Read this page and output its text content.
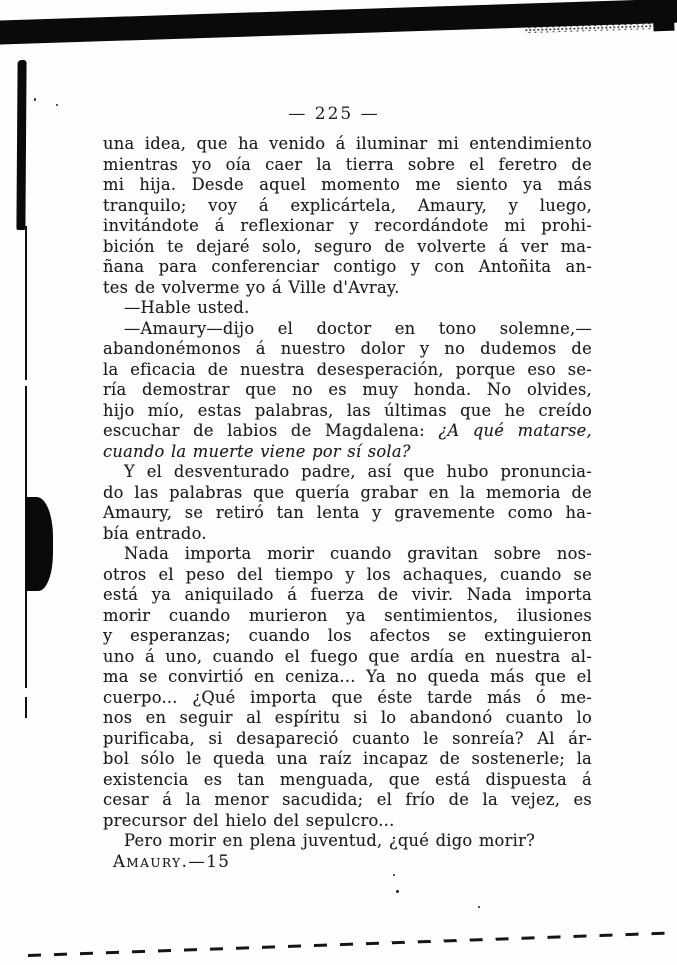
— 225 —
una idea, que ha venido á iluminar mi entendimiento
mientras yo oía caer la tierra sobre el feretro de
mi hija. Desde aquel momento me siento ya más
tranquilo; voy á explicártela, Amaury, y luego,
invitándote á reflexionar y recordándote mi prohi-
bición te dejaré solo, seguro de volverte á ver ma-
ñana para conferenciar contigo y con Antoñita an-
tes de volverme yo á Ville d'Avray.
—Hable usted.
—Amaury—dijo el doctor en tono solemne,—
abandonémonos á nuestro dolor y no dudemos de
la eficacia de nuestra desesperación, porque eso se-
ría demostrar que no es muy honda. No olvides,
hijo mío, estas palabras, las últimas que he creído
escuchar de labios de Magdalena: ¿A qué matarse,
cuando la muerte viene por sí sola?
Y el desventurado padre, así que hubo pronuncia-
do las palabras que quería grabar en la memoria de
Amaury, se retiró tan lenta y gravemente como ha-
bía entrado.
Nada importa morir cuando gravitan sobre nos-
otros el peso del tiempo y los achaques, cuando se
está ya aniquilado á fuerza de vivir. Nada importa
morir cuando murieron ya sentimientos, ilusiones
y esperanzas; cuando los afectos se extinguieron
uno á uno, cuando el fuego que ardía en nuestra al-
ma se convirtió en ceniza... Ya no queda más que el
cuerpo... ¿Qué importa que éste tarde más ó me-
nos en seguir al espíritu si lo abandonó cuanto lo
purificaba, si desapareció cuanto le sonreía? Al ár-
bol sólo le queda una raíz incapaz de sostenerle; la
existencia es tan menguada, que está dispuesta á
cesar á la menor sacudida; el frío de la vejez, es
precursor del hielo del sepulcro...
Pero morir en plena juventud, ¿qué digo morir?
Amaury.—15
